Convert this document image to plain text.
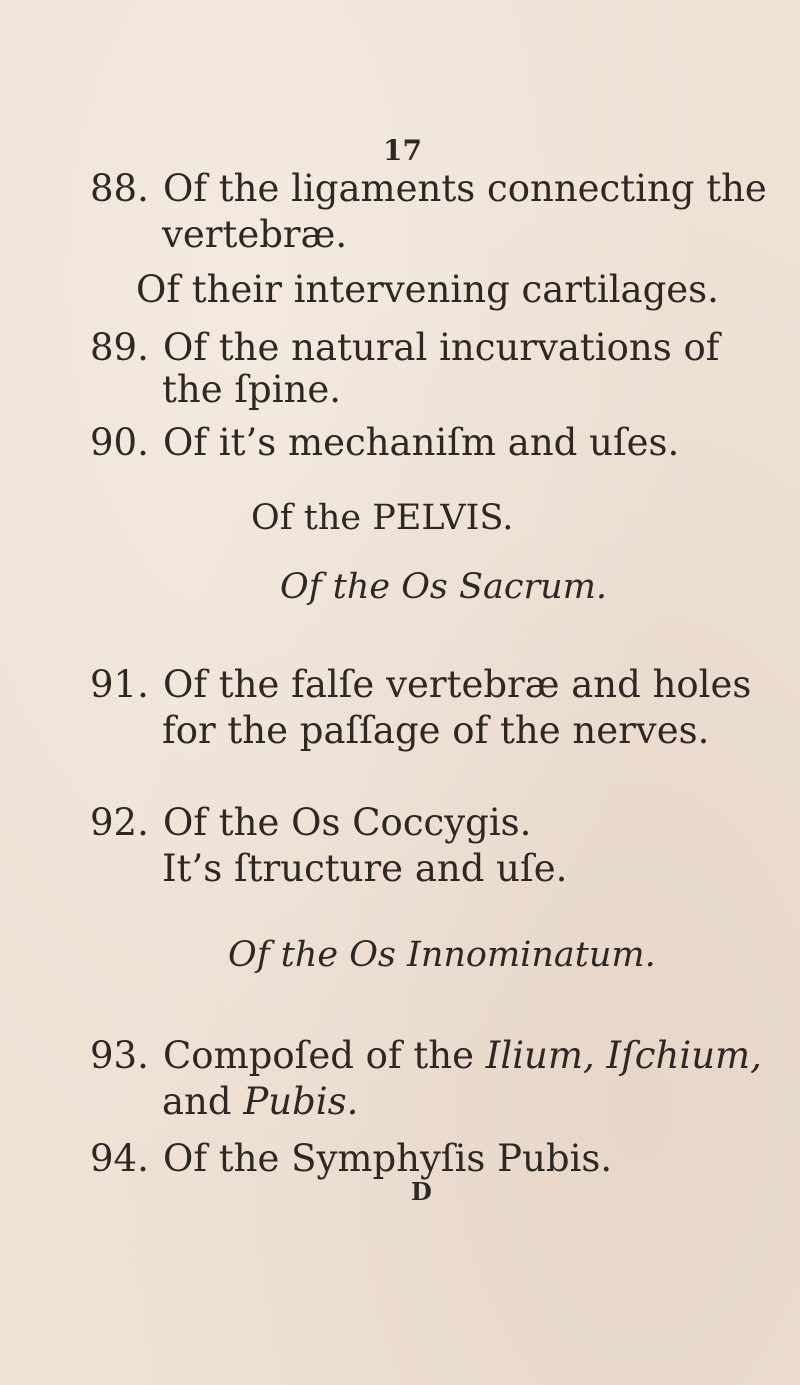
17
88. Of the ligaments connecting the
vertebræ.
Of their intervening cartilages.
89. Of the natural incurvations of
the ſpine.
90. Of it’s mechaniſm and uſes.
Of the PELVIS.
Of the Os Sacrum.
91. Of the falſe vertebræ and holes
for the paſſage of the nerves.
92. Of the Os Coccygis.
It’s ſtructure and uſe.
Of the Os Innominatum.
93. Compoſed of the Ilium, Iſchium,
and Pubis.
94. Of the Symphyſis Pubis.
D
